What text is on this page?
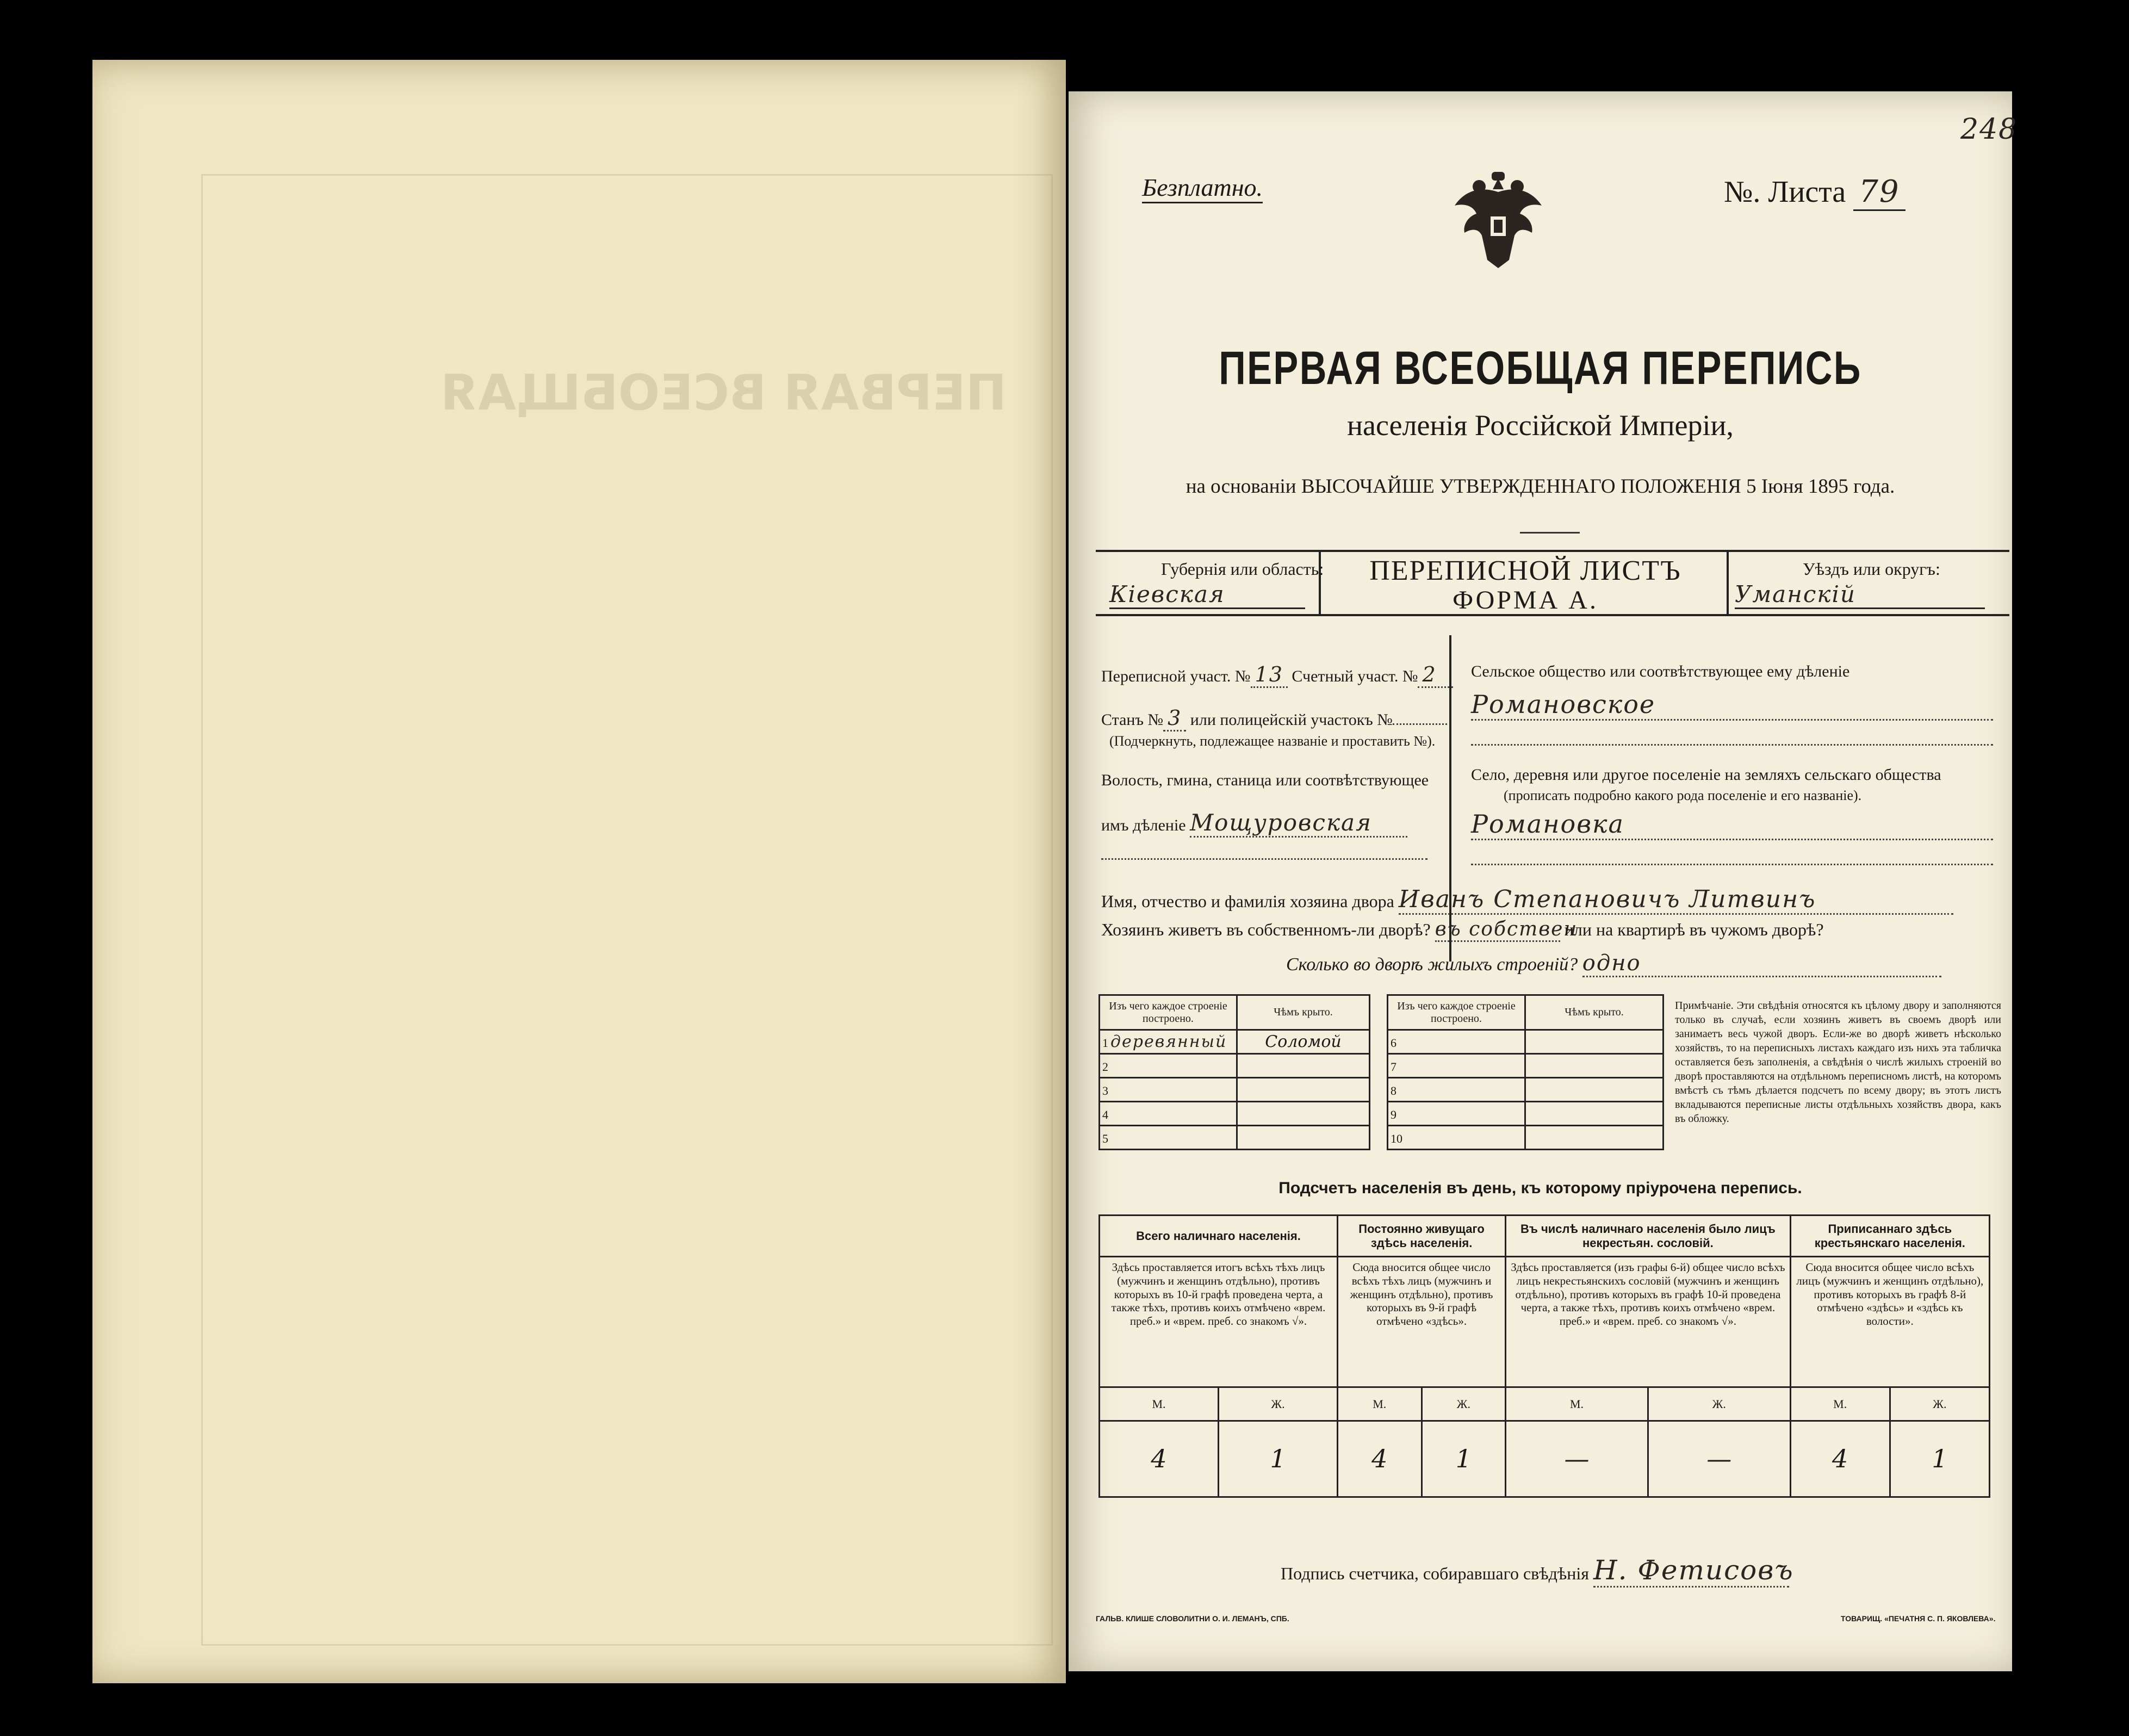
ПЕРВАЯ ВСЕОБЩАЯ
248
Безплатно.	№. Листа 79
ПЕРВАЯ ВСЕОБЩАЯ ПЕРЕПИСЬ
населенія Россійской Имперіи,
на основаніи ВЫСОЧАЙШЕ УТВЕРЖДЕННАГО ПОЛОЖЕНІЯ 5 Іюня 1895 года.
Губернія или область:
Кіевская
ПЕРЕПИСНОЙ ЛИСТЪ
ФОРМА А.
Уѣздъ или округъ:
Уманскій
Переписной участ. № 13 Счетный участ. № 2
Станъ № 3 или полицейскій участокъ №
(Подчеркнуть, подлежащее названіе и проставить №).
Волость, гмина, станица или соотвѣтствующее
имъ дѣленіе Мощуровская
Сельское общество или соотвѣтствующее ему дѣленіе
Романовское
Село, деревня или другое поселеніе на земляхъ сельскаго общества
(прописать подробно какого рода поселеніе и его названіе).
Романовка
Имя, отчество и фамилія хозяина двора Иванъ Степановичъ Литвинъ
Хозяинъ живетъ въ собственномъ-ли дворѣ? въ собствен или на квартирѣ въ чужомъ дворѣ?
Сколько во дворѣ жилыхъ строеній? одно
Изъ чего каждое строеніе построено.	Чѣмъ крыто.
1 деревянный	Соломой
2	
3	
4	
5	
Изъ чего каждое строеніе построено.	Чѣмъ крыто.
6	
7	
8	
9	
10	
Примѣчаніе. Эти свѣдѣнія относятся къ цѣлому двору и заполняются только въ случаѣ, если хозяинъ живетъ въ своемъ дворѣ или занимаетъ весь чужой дворъ. Если-же во дворѣ живетъ нѣсколько хозяйствъ, то на переписныхъ листахъ каждаго изъ нихъ эта табличка оставляется безъ заполненія, а свѣдѣнія о числѣ жилыхъ строеній во дворѣ проставляются на отдѣльномъ переписномъ листѣ, на которомъ вмѣстѣ съ тѣмъ дѣлается подсчетъ по всему двору; въ этотъ листъ вкладываются переписные листы отдѣльныхъ хозяйствъ двора, какъ въ обложку.
Подсчетъ населенія въ день, къ которому пріурочена перепись.
Всего наличнаго населенія.		Постоянно живущаго здѣсь населенія.		Въ числѣ наличнаго населенія было лицъ некрестьян. сословій.		Приписаннаго здѣсь крестьянскаго населенія.	
Здѣсь проставляется итогъ всѣхъ тѣхъ лицъ (мужчинъ и женщинъ отдѣльно), противъ которыхъ въ 10-й графѣ проведена черта, а также тѣхъ, противъ коихъ отмѣчено «врем. преб.» и «врем. преб. со знакомъ √».		Сюда вносится общее число всѣхъ тѣхъ лицъ (мужчинъ и женщинъ отдѣльно), противъ которыхъ въ 9-й графѣ отмѣчено «здѣсь».		Здѣсь проставляется (изъ графы 6-й) общее число всѣхъ лицъ некрестьянскихъ сословій (мужчинъ и женщинъ отдѣльно), противъ которыхъ въ графѣ 10-й проведена черта, а также тѣхъ, противъ коихъ отмѣчено «врем. преб.» и «врем. преб. со знакомъ √».		Сюда вносится общее число всѣхъ лицъ (мужчинъ и женщинъ отдѣльно), противъ которыхъ въ графѣ 8-й отмѣчено «здѣсь» и «здѣсь къ волости».	
М.	Ж.	М.	Ж.	М.	Ж.	М.	Ж.
4	1	4	1	—	—	4	1
Подпись счетчика, собиравшаго свѣдѣнія Н. Фетисовъ
ГАЛЬВ. КЛИШЕ СЛОВОЛИТНИ О. И. ЛЕМАНЪ, СПБ.	ТОВАРИЩ. «ПЕЧАТНЯ С. П. ЯКОВЛЕВА».
